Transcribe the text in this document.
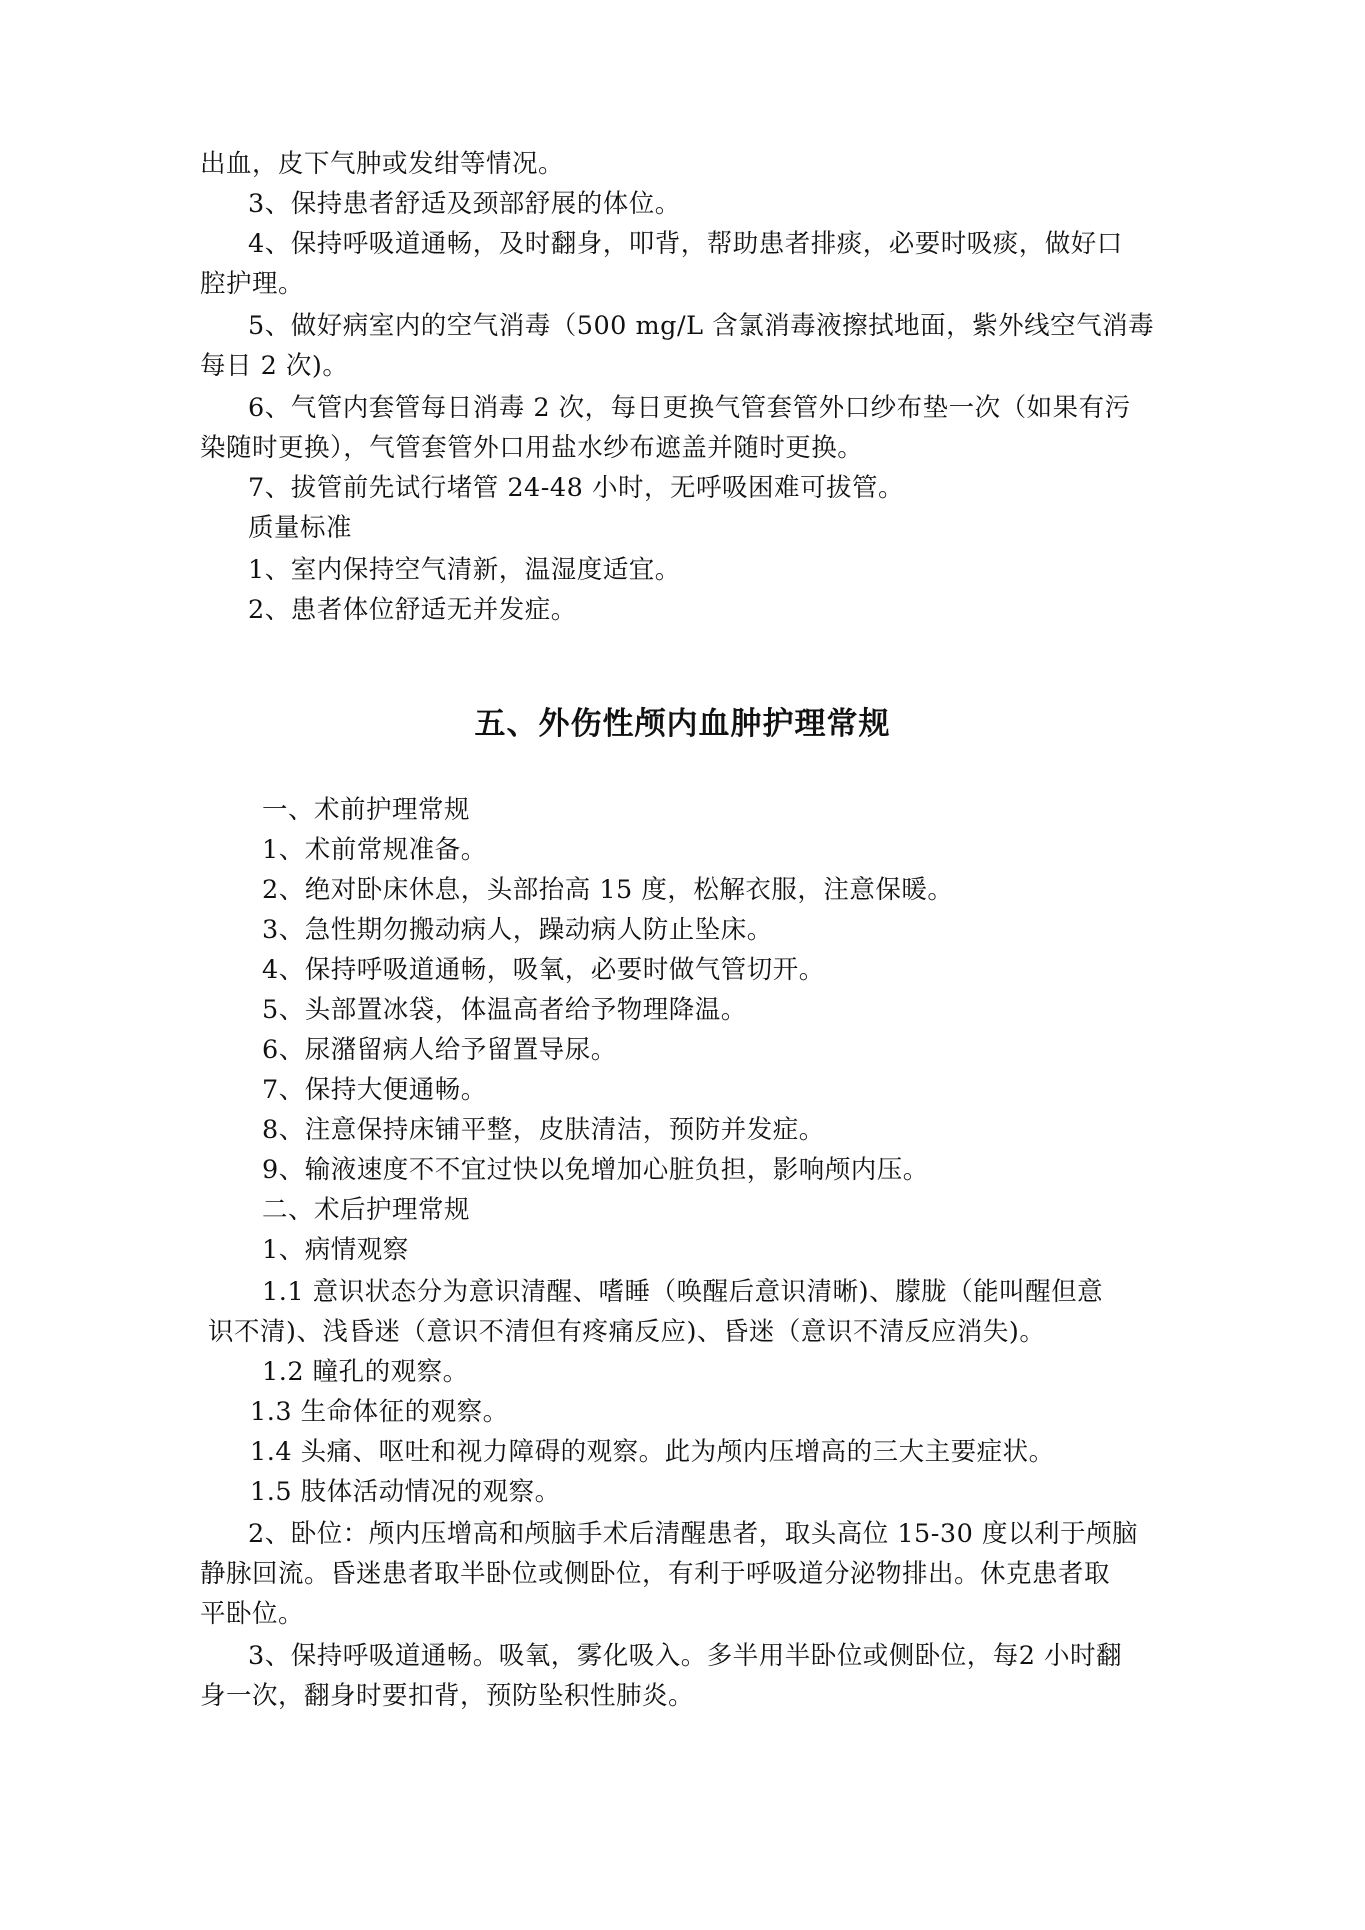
出血，皮下气肿或发绀等情况。
3、保持患者舒适及颈部舒展的体位。
4、保持呼吸道通畅，及时翻身，叩背，帮助患者排痰，必要时吸痰，做好口
腔护理。
5、做好病室内的空气消毒（500 mg/L 含氯消毒液擦拭地面，紫外线空气消毒
每日 2 次)。
6、气管内套管每日消毒 2 次，每日更换气管套管外口纱布垫一次（如果有污
染随时更换），气管套管外口用盐水纱布遮盖并随时更换。
7、拔管前先试行堵管 24-48 小时，无呼吸困难可拔管。
质量标准
1、室内保持空气清新，温湿度适宜。
2、患者体位舒适无并发症。
五、外伤性颅内血肿护理常规
一、术前护理常规
1、术前常规准备。
2、绝对卧床休息，头部抬高 15 度，松解衣服，注意保暖。
3、急性期勿搬动病人，躁动病人防止坠床。
4、保持呼吸道通畅，吸氧，必要时做气管切开。
5、头部置冰袋，体温高者给予物理降温。
6、尿潴留病人给予留置导尿。
7、保持大便通畅。
8、注意保持床铺平整，皮肤清洁，预防并发症。
9、输液速度不不宜过快以免增加心脏负担，影响颅内压。
二、术后护理常规
1、病情观察
1.1 意识状态分为意识清醒、嗜睡（唤醒后意识清晰)、朦胧（能叫醒但意
识不清)、浅昏迷（意识不清但有疼痛反应)、昏迷（意识不清反应消失)。
1.2 瞳孔的观察。
1.3 生命体征的观察。
1.4 头痛、呕吐和视力障碍的观察。此为颅内压增高的三大主要症状。
1.5 肢体活动情况的观察。
2、卧位：颅内压增高和颅脑手术后清醒患者，取头高位 15-30 度以利于颅脑
静脉回流。昏迷患者取半卧位或侧卧位，有利于呼吸道分泌物排出。休克患者取
平卧位。
3、保持呼吸道通畅。吸氧，雾化吸入。多半用半卧位或侧卧位，每2 小时翻
身一次，翻身时要扣背，预防坠积性肺炎。
